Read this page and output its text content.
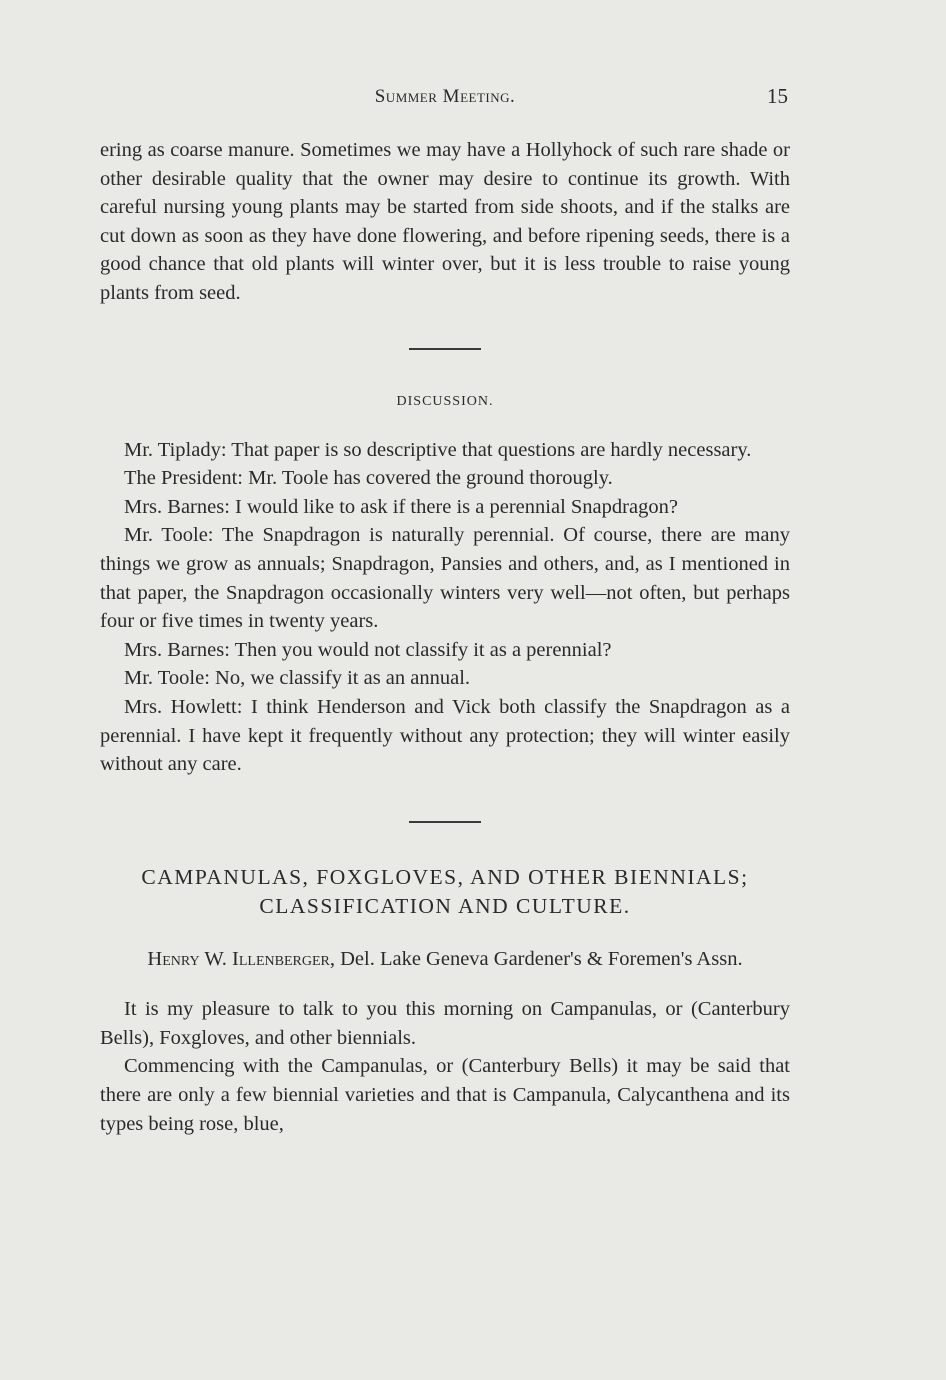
Summer Meeting.	15

ering as coarse manure. Sometimes we may have a Hollyhock of such rare shade or other desirable quality that the owner may desire to continue its growth. With careful nursing young plants may be started from side shoots, and if the stalks are cut down as soon as they have done flowering, and before ripening seeds, there is a good chance that old plants will winter over, but it is less trouble to raise young plants from seed.

DISCUSSION.

Mr. Tiplady: That paper is so descriptive that questions are hardly necessary.

The President: Mr. Toole has covered the ground thorougly.

Mrs. Barnes: I would like to ask if there is a perennial Snapdragon?

Mr. Toole: The Snapdragon is naturally perennial. Of course, there are many things we grow as annuals; Snapdragon, Pansies and others, and, as I mentioned in that paper, the Snapdragon occasionally winters very well—not often, but perhaps four or five times in twenty years.

Mrs. Barnes: Then you would not classify it as a perennial?

Mr. Toole: No, we classify it as an annual.

Mrs. Howlett: I think Henderson and Vick both classify the Snapdragon as a perennial. I have kept it frequently without any protection; they will winter easily without any care.

CAMPANULAS, FOXGLOVES, AND OTHER BIENNIALS; CLASSIFICATION AND CULTURE.
Henry W. Illenberger, Del. Lake Geneva Gardener's & Foremen's Assn.

It is my pleasure to talk to you this morning on Campanulas, or (Canterbury Bells), Foxgloves, and other biennials.

Commencing with the Campanulas, or (Canterbury Bells) it may be said that there are only a few biennial varieties and that is Campanula, Calycanthena and its types being rose, blue,
